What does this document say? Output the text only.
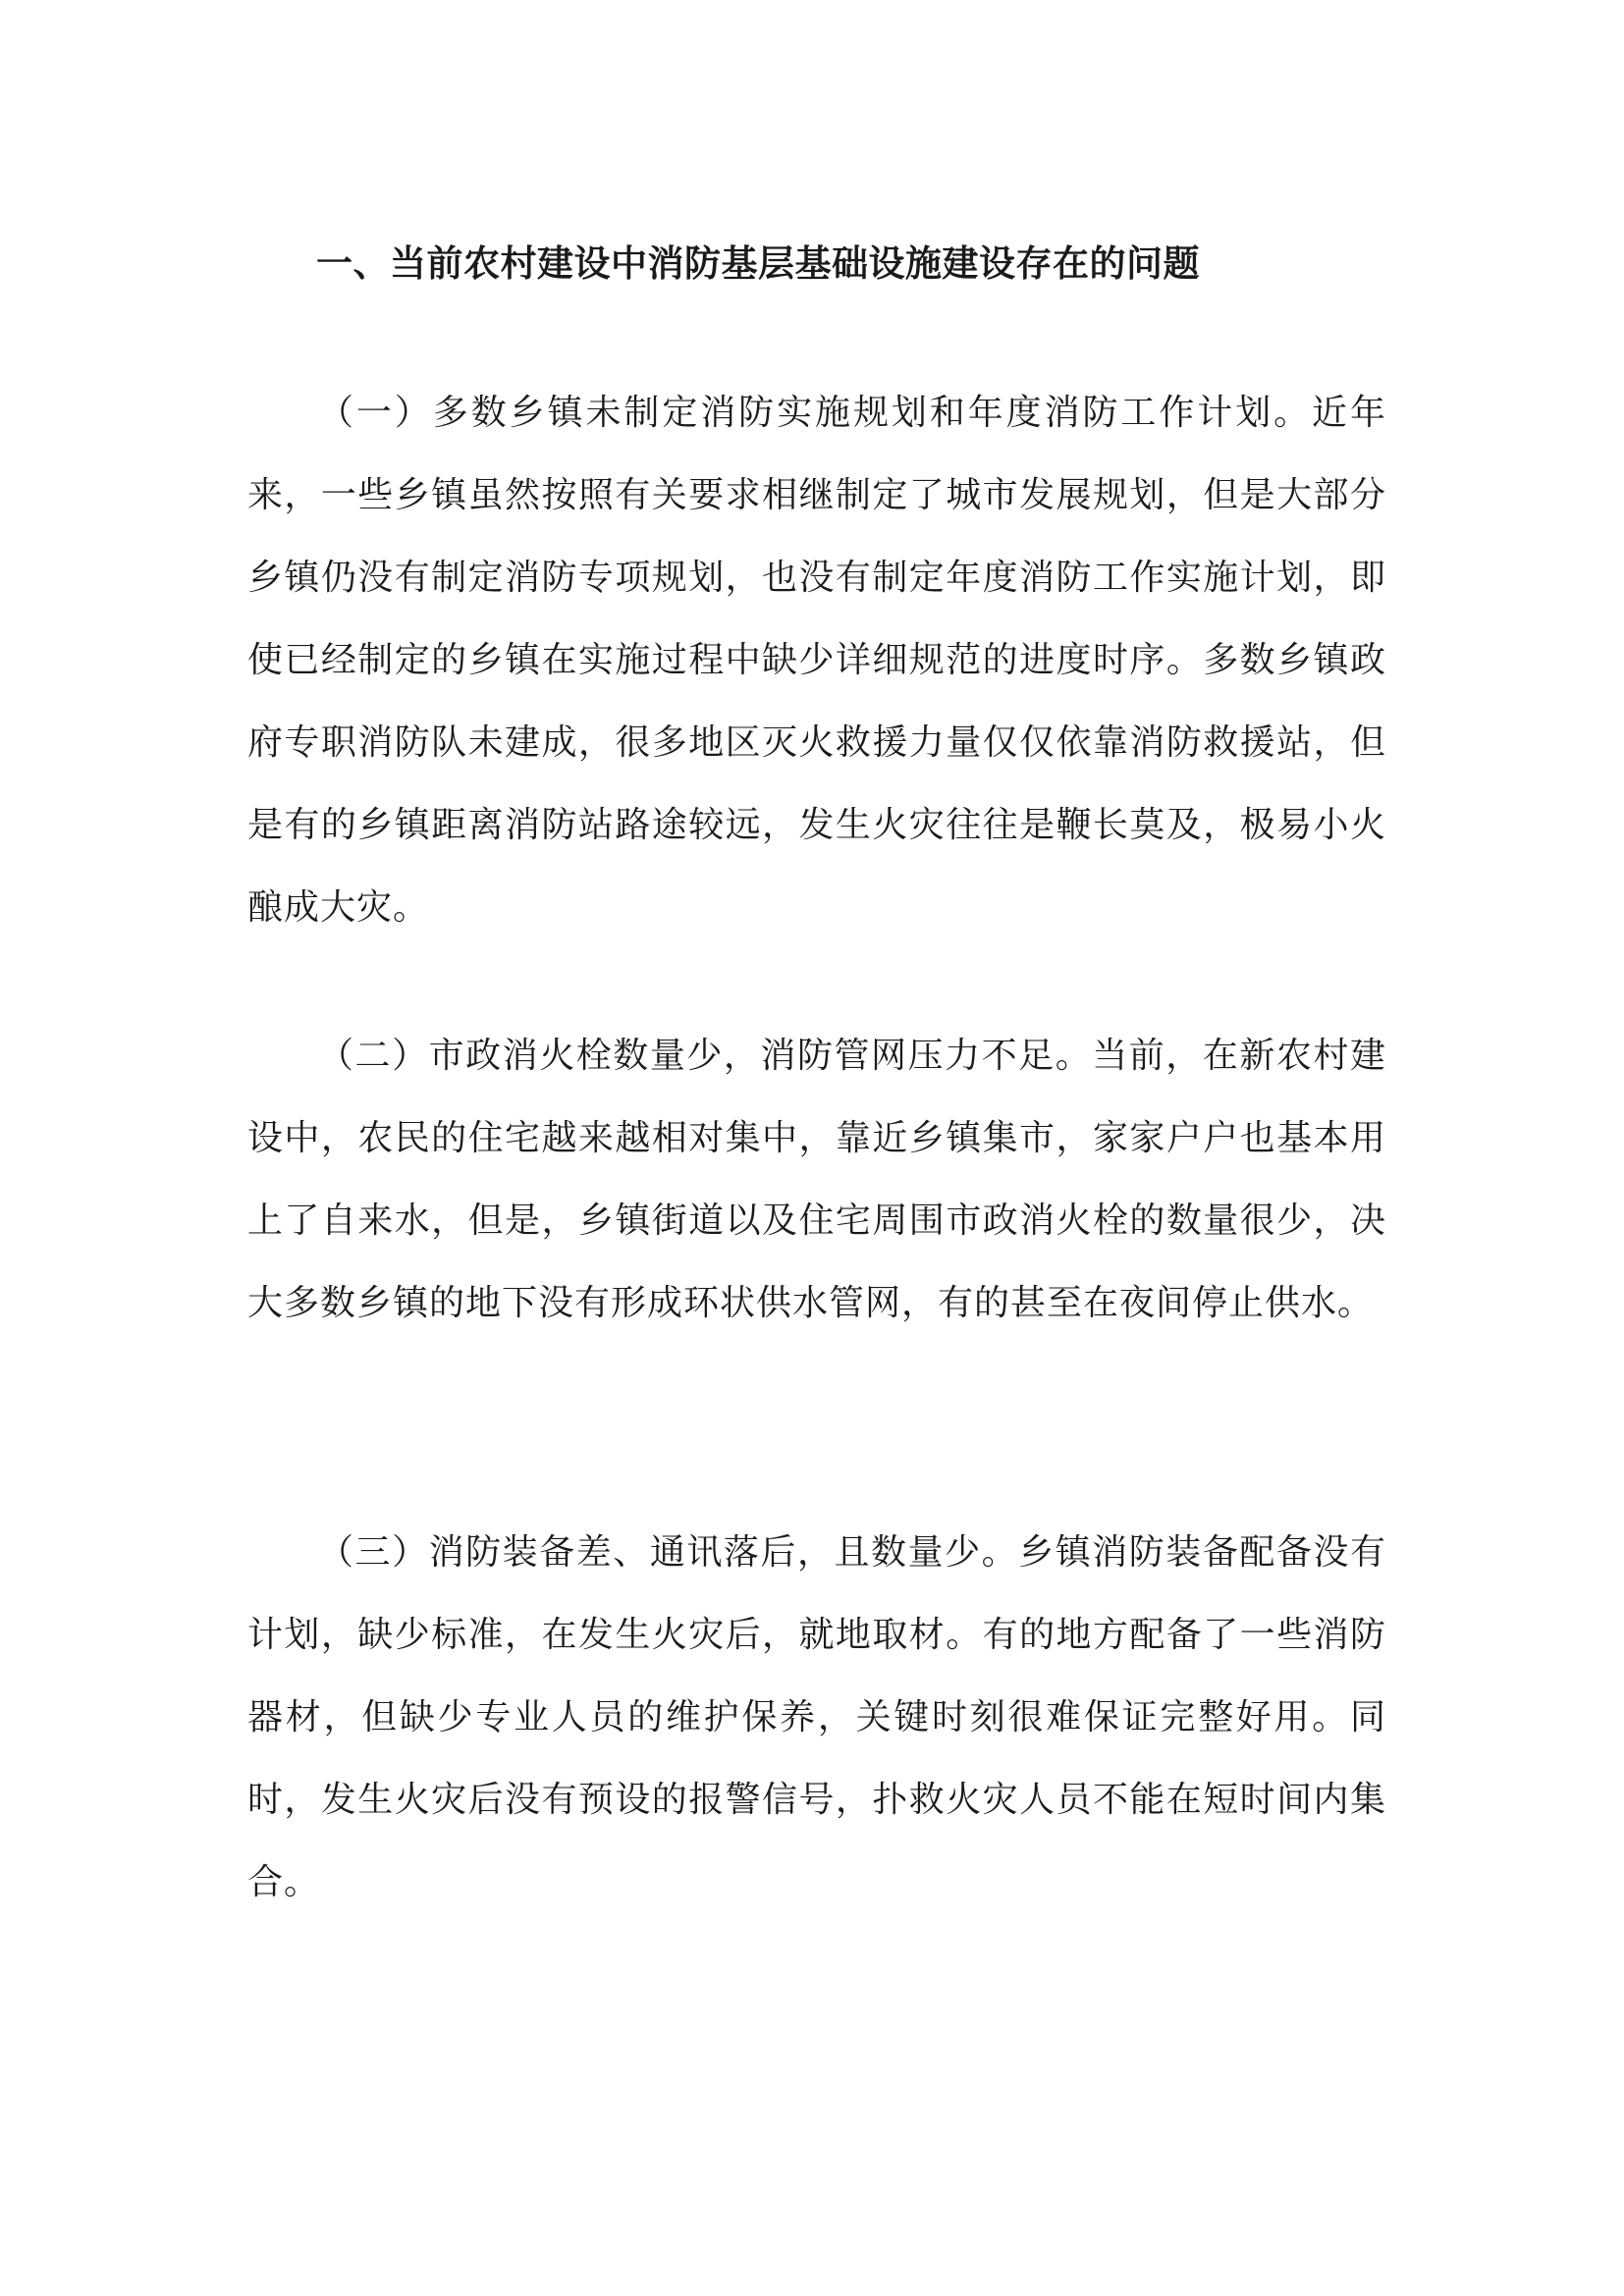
一、当前农村建设中消防基层基础设施建设存在的问题

（一）多数乡镇未制定消防实施规划和年度消防工作计划。近年来，一些乡镇虽然按照有关要求相继制定了城市发展规划，但是大部分乡镇仍没有制定消防专项规划，也没有制定年度消防工作实施计划，即使已经制定的乡镇在实施过程中缺少详细规范的进度时序。多数乡镇政府专职消防队未建成，很多地区灭火救援力量仅仅依靠消防救援站，但是有的乡镇距离消防站路途较远，发生火灾往往是鞭长莫及，极易小火酿成大灾。

（二）市政消火栓数量少，消防管网压力不足。当前，在新农村建设中，农民的住宅越来越相对集中，靠近乡镇集市，家家户户也基本用上了自来水，但是，乡镇街道以及住宅周围市政消火栓的数量很少，决大多数乡镇的地下没有形成环状供水管网，有的甚至在夜间停止供水。

（三）消防装备差、通讯落后，且数量少。乡镇消防装备配备没有计划，缺少标准，在发生火灾后，就地取材。有的地方配备了一些消防器材，但缺少专业人员的维护保养，关键时刻很难保证完整好用。同时，发生火灾后没有预设的报警信号，扑救火灾人员不能在短时间内集合。
